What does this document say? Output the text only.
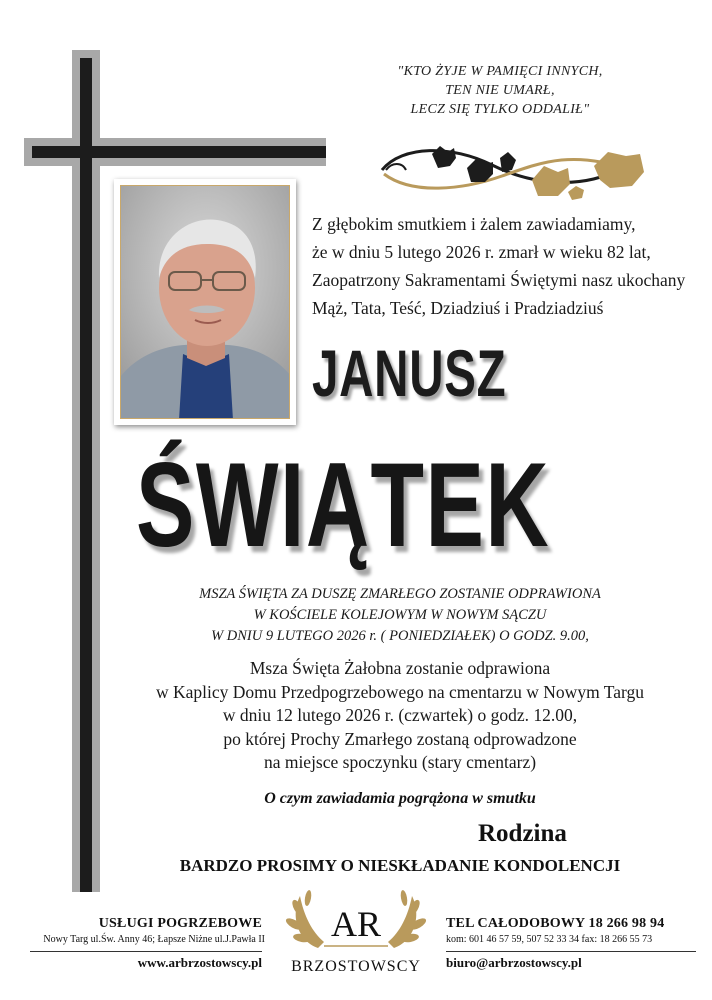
"KTO ŻYJE W PAMIĘCI INNYCH,
TEN NIE UMARŁ,
LECZ SIĘ TYLKO ODDALIŁ"
Z głębokim smutkiem i żalem zawiadamiamy,
że w dniu 5 lutego 2026 r. zmarł w wieku 82 lat,
Zaopatrzony Sakramentami Świętymi nasz ukochany
Mąż, Tata, Teść, Dziadziuś i Pradziadziuś
JANUSZ
ŚWIĄTEK
MSZA ŚWIĘTA ZA DUSZĘ ZMARŁEGO ZOSTANIE ODPRAWIONA
W KOŚCIELE KOLEJOWYM W NOWYM SĄCZU
W DNIU 9 LUTEGO 2026 r. ( PONIEDZIAŁEK) O GODZ. 9.00,
Msza Święta Żałobna zostanie odprawiona
w Kaplicy Domu Przedpogrzebowego na cmentarzu w Nowym Targu
w dniu 12 lutego 2026 r. (czwartek) o godz. 12.00,
po której Prochy Zmarłego zostaną odprowadzone
na miejsce spoczynku (stary cmentarz)
O czym zawiadamia pogrążona w smutku
Rodzina
BARDZO PROSIMY O NIESKŁADANIE KONDOLENCJI
USŁUGI POGRZEBOWE
Nowy Targ ul.Św. Anny 46; Łapsze Niżne ul.J.Pawła II
www.arbrzostowscy.pl
AR
BRZOSTOWSCY
TEL CAŁODOBOWY 18 266 98 94
kom: 601 46 57 59, 507 52 33 34 fax: 18 266 55 73
biuro@arbrzostowscy.pl
